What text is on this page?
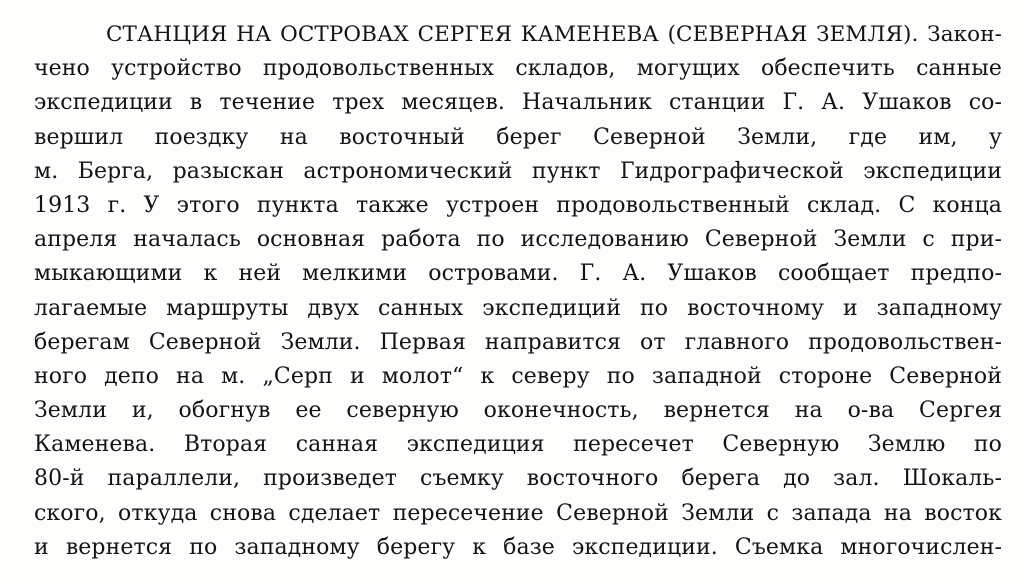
СТАНЦИЯ НА ОСТРОВАХ СЕРГЕЯ КАМЕНЕВА (СЕВЕРНАЯ ЗЕМЛЯ). Закон-
чено устройство продовольственных складов, могущих обеспечить санные
экспедиции в течение трех месяцев. Начальник станции Г. А. Ушаков со-
вершил поездку на восточный берег Северной Земли, где им, у
м. Берга, разыскан астрономический пункт Гидрографической экспедиции
1913 г. У этого пункта также устроен продовольственный склад. С конца
апреля началась основная работа по исследованию Северной Земли с при-
мыкающими к ней мелкими островами. Г. А. Ушаков сообщает предпо-
лагаемые маршруты двух санных экспедиций по восточному и западному
берегам Северной Земли. Первая направится от главного продовольствен-
ного депо на м. „Серп и молот“ к северу по западной стороне Северной
Земли и, обогнув ее северную оконечность, вернется на о-ва Сергея
Каменева. Вторая санная экспедиция пересечет Северную Землю по
80-й параллели, произведет съемку восточного берега до зал. Шокаль-
ского, откуда снова сделает пересечение Северной Земли с запада на восток
и вернется по западному берегу к базе экспедиции. Съемка многочислен-
